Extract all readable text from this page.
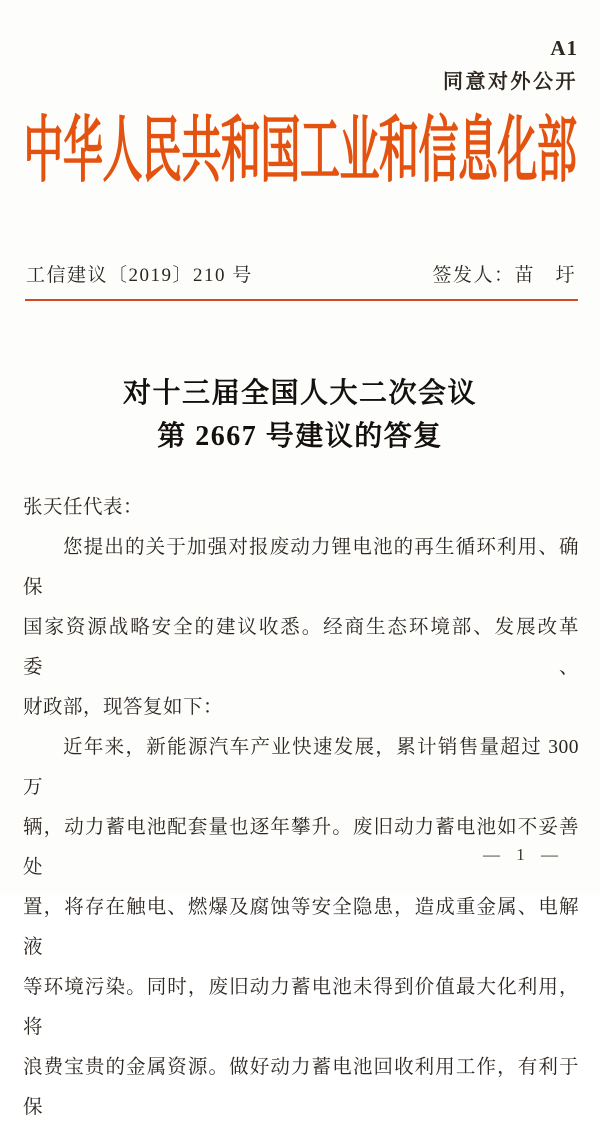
A1
同意对外公开
中华人民共和国工业和信息化部
工信建议〔2019〕210 号	签发人：苗　圩
对十三届全国人大二次会议
第 2667 号建议的答复
张天任代表：
您提出的关于加强对报废动力锂电池的再生循环利用、确保
国家资源战略安全的建议收悉。经商生态环境部、发展改革委、
财政部，现答复如下：
近年来，新能源汽车产业快速发展，累计销售量超过 300 万
辆，动力蓄电池配套量也逐年攀升。废旧动力蓄电池如不妥善处
置，将存在触电、燃爆及腐蚀等安全隐患，造成重金属、电解液
等环境污染。同时，废旧动力蓄电池未得到价值最大化利用，将
浪费宝贵的金属资源。做好动力蓄电池回收利用工作，有利于保
— 1 —
